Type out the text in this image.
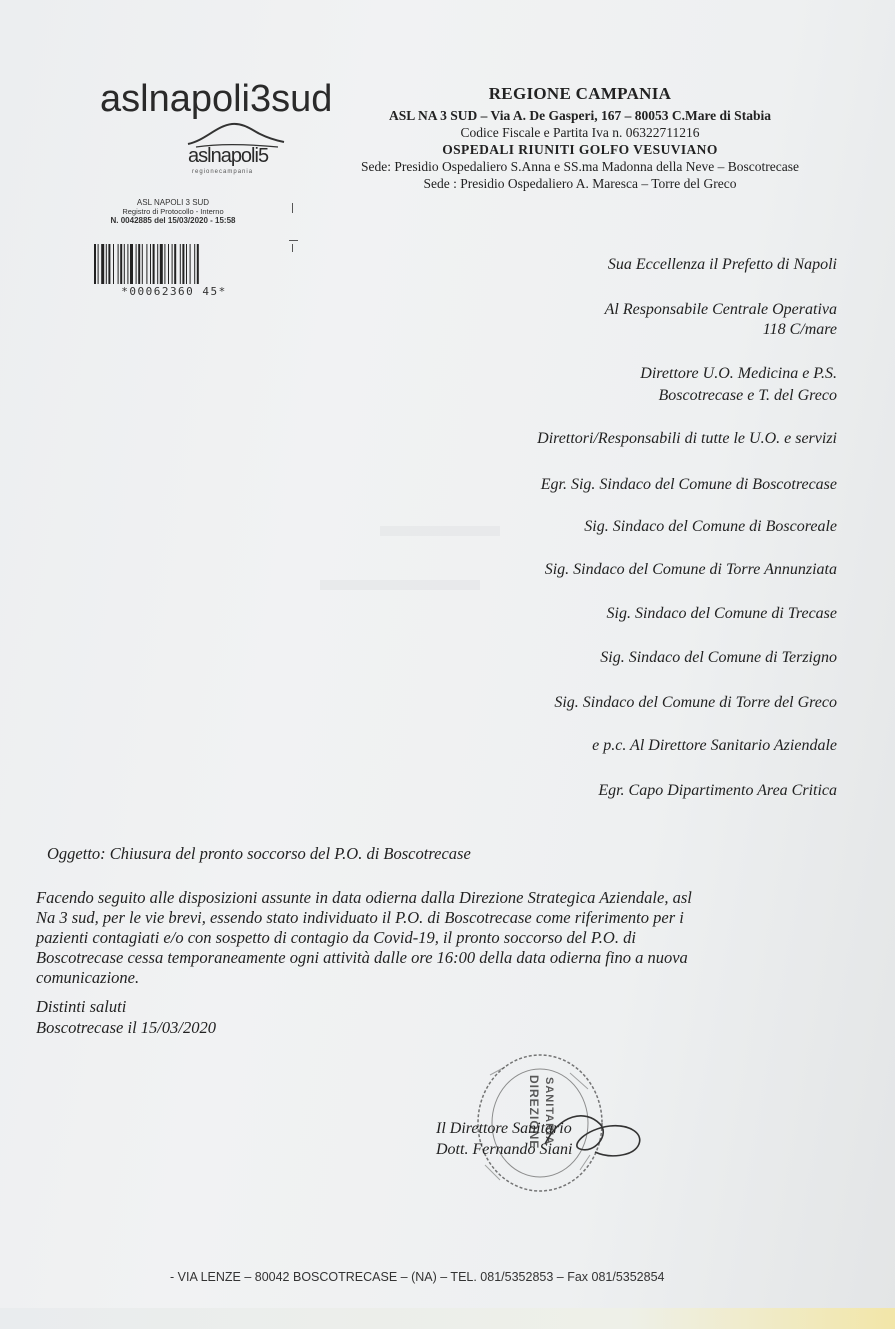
aslnapoli3sud
aslnapoli5
regionecampania
ASL NAPOLI 3 SUD
Registro di Protocollo - Interno
N. 0042885 del 15/03/2020 - 15:58
*00062360 45*
REGIONE CAMPANIA
ASL NA 3 SUD – Via A. De Gasperi, 167 – 80053 C.Mare di Stabia
Codice Fiscale e Partita Iva n. 06322711216
OSPEDALI RIUNITI GOLFO VESUVIANO
Sede: Presidio Ospedaliero S.Anna e SS.ma Madonna della Neve – Boscotrecase
Sede : Presidio Ospedaliero A. Maresca – Torre del Greco
Sua Eccellenza il Prefetto di Napoli
Al Responsabile Centrale Operativa
118 C/mare
Direttore U.O. Medicina e P.S.
Boscotrecase e T. del Greco
Direttori/Responsabili di tutte le U.O. e servizi
Egr. Sig. Sindaco del Comune di Boscotrecase
Sig. Sindaco del Comune di Boscoreale
Sig. Sindaco del Comune di Torre Annunziata
Sig. Sindaco del Comune di Trecase
Sig. Sindaco del Comune di Terzigno
Sig. Sindaco del Comune di Torre del Greco
e p.c. Al Direttore Sanitario Aziendale
Egr. Capo Dipartimento Area Critica
Oggetto: Chiusura del pronto soccorso del P.O. di Boscotrecase

Facendo seguito alle disposizioni assunte in data odierna dalla Direzione Strategica Aziendale, asl

Na 3 sud, per le vie brevi, essendo stato individuato il P.O. di Boscotrecase come riferimento per i

pazienti contagiati e/o con sospetto di contagio da Covid-19, il pronto soccorso del P.O. di

Boscotrecase cessa temporaneamente ogni attività dalle ore 16:00 della data odierna fino a nuova

comunicazione.

Distinti saluti
Boscotrecase il 15/03/2020
DIREZIONE SANITARIA
Il Direttore Sanitario
Dott. Fernando Siani
- VIA LENZE – 80042 BOSCOTRECASE – (NA) – TEL. 081/5352853 – Fax 081/5352854
